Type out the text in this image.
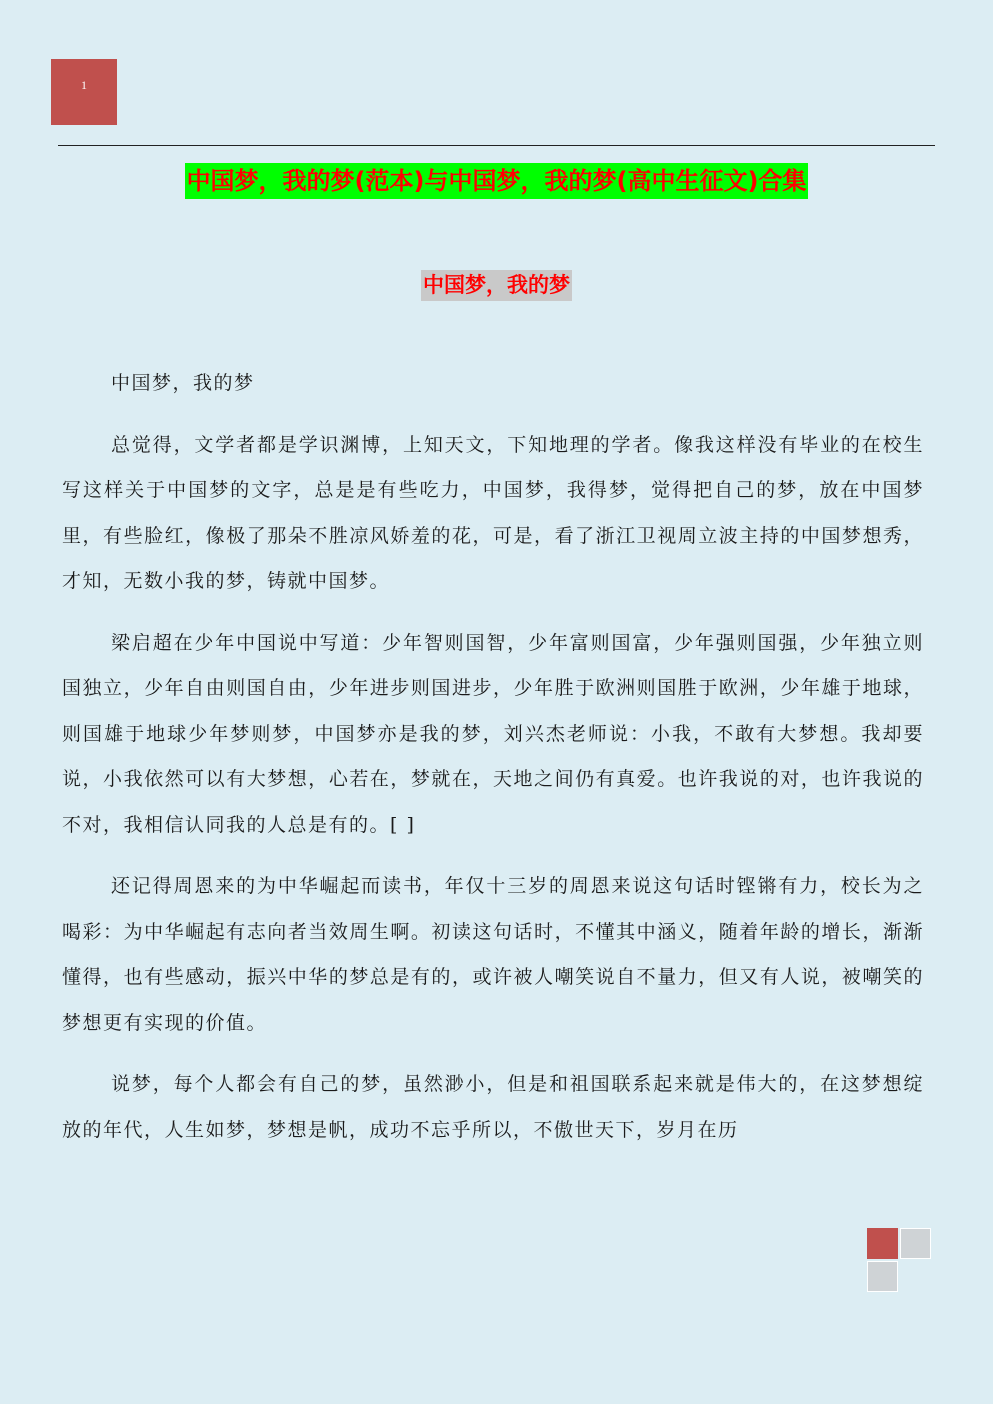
1
中国梦，我的梦(范本)与中国梦，我的梦(高中生征文)合集
中国梦，我的梦

中国梦，我的梦

总觉得，文学者都是学识渊博，上知天文，下知地理的学者。像我这样没有毕业的在校生写这样关于中国梦的文字，总是是有些吃力，中国梦，我得梦，觉得把自己的梦，放在中国梦里，有些脸红，像极了那朵不胜凉风娇羞的花，可是，看了浙江卫视周立波主持的中国梦想秀，才知，无数小我的梦，铸就中国梦。

梁启超在少年中国说中写道：少年智则国智，少年富则国富，少年强则国强，少年独立则国独立，少年自由则国自由，少年进步则国进步，少年胜于欧洲则国胜于欧洲，少年雄于地球，则国雄于地球少年梦则梦，中国梦亦是我的梦，刘兴杰老师说：小我，不敢有大梦想。我却要说，小我依然可以有大梦想，心若在，梦就在，天地之间仍有真爱。也许我说的对，也许我说的不对，我相信认同我的人总是有的。[ ]

还记得周恩来的为中华崛起而读书，年仅十三岁的周恩来说这句话时铿锵有力，校长为之喝彩：为中华崛起有志向者当效周生啊。初读这句话时，不懂其中涵义，随着年龄的增长，渐渐懂得，也有些感动，振兴中华的梦总是有的，或许被人嘲笑说自不量力，但又有人说，被嘲笑的梦想更有实现的价值。

说梦，每个人都会有自己的梦，虽然渺小，但是和祖国联系起来就是伟大的，在这梦想绽放的年代，人生如梦，梦想是帆，成功不忘乎所以，不傲世天下，岁月在历
